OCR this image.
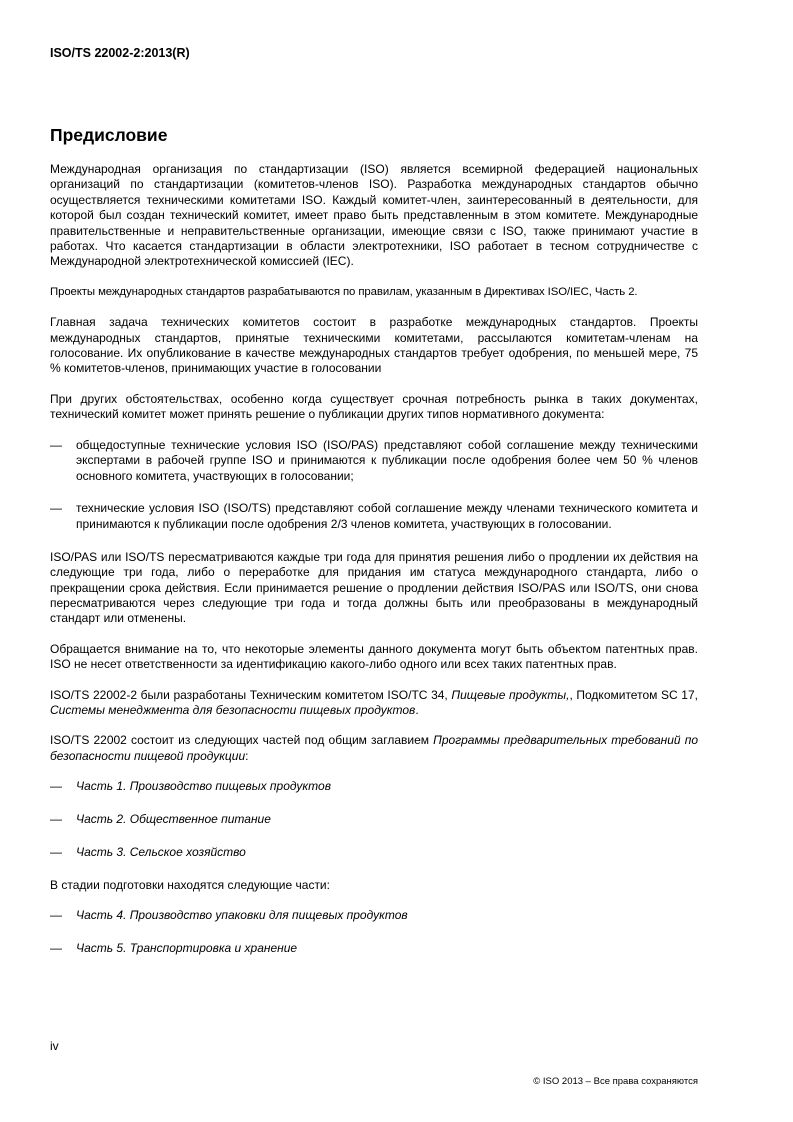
ISO/TS 22002-2:2013(R)
Предисловие

Международная организация по стандартизации (ISO) является всемирной федерацией национальных организаций по стандартизации (комитетов-членов ISO). Разработка международных стандартов обычно осуществляется техническими комитетами ISO. Каждый комитет-член, заинтересованный в деятельности, для которой был создан технический комитет, имеет право быть представленным в этом комитете. Международные правительственные и неправительственные организации, имеющие связи с ISO, также принимают участие в работах. Что касается стандартизации в области электротехники, ISO работает в тесном сотрудничестве с Международной электротехнической комиссией (IEC).

Проекты международных стандартов разрабатываются по правилам, указанным в Директивах ISO/IEC, Часть 2.

Главная задача технических комитетов состоит в разработке международных стандартов. Проекты международных стандартов, принятые техническими комитетами, рассылаются комитетам-членам на голосование. Их опубликование в качестве международных стандартов требует одобрения, по меньшей мере, 75 % комитетов-членов, принимающих участие в голосовании

При других обстоятельствах, особенно когда существует срочная потребность рынка в таких документах, технический комитет может принять решение о публикации других типов нормативного документа:

— общедоступные технические условия ISO (ISO/PAS) представляют собой соглашение между техническими экспертами в рабочей группе ISO и принимаются к публикации после одобрения более чем 50 % членов основного комитета, участвующих в голосовании;
— технические условия ISO (ISO/TS) представляют собой соглашение между членами технического комитета и принимаются к публикации после одобрения 2/3 членов комитета, участвующих в голосовании.

ISO/PAS или ISO/TS пересматриваются каждые три года для принятия решения либо о продлении их действия на следующие три года, либо о переработке для придания им статуса международного стандарта, либо о прекращении срока действия. Если принимается решение о продлении действия ISO/PAS или ISO/TS, они снова пересматриваются через следующие три года и тогда должны быть или преобразованы в международный стандарт или отменены.

Обращается внимание на то, что некоторые элементы данного документа могут быть объектом патентных прав. ISO не несет ответственности за идентификацию какого-либо одного или всех таких патентных прав.

ISO/TS 22002-2 были разработаны Техническим комитетом ISO/TC 34, Пищевые продукты,, Подкомитетом SC 17, Системы менеджмента для безопасности пищевых продуктов.

ISO/TS 22002 состоит из следующих частей под общим заглавием Программы предварительных требований по безопасности пищевой продукции:

— Часть 1. Производство пищевых продуктов
— Часть 2. Общественное питание
— Часть 3. Сельское хозяйство

В стадии подготовки находятся следующие части:

— Часть 4. Производство упаковки для пищевых продуктов
— Часть 5. Транспортировка и хранение
iv
© ISO 2013 – Все права сохраняются
